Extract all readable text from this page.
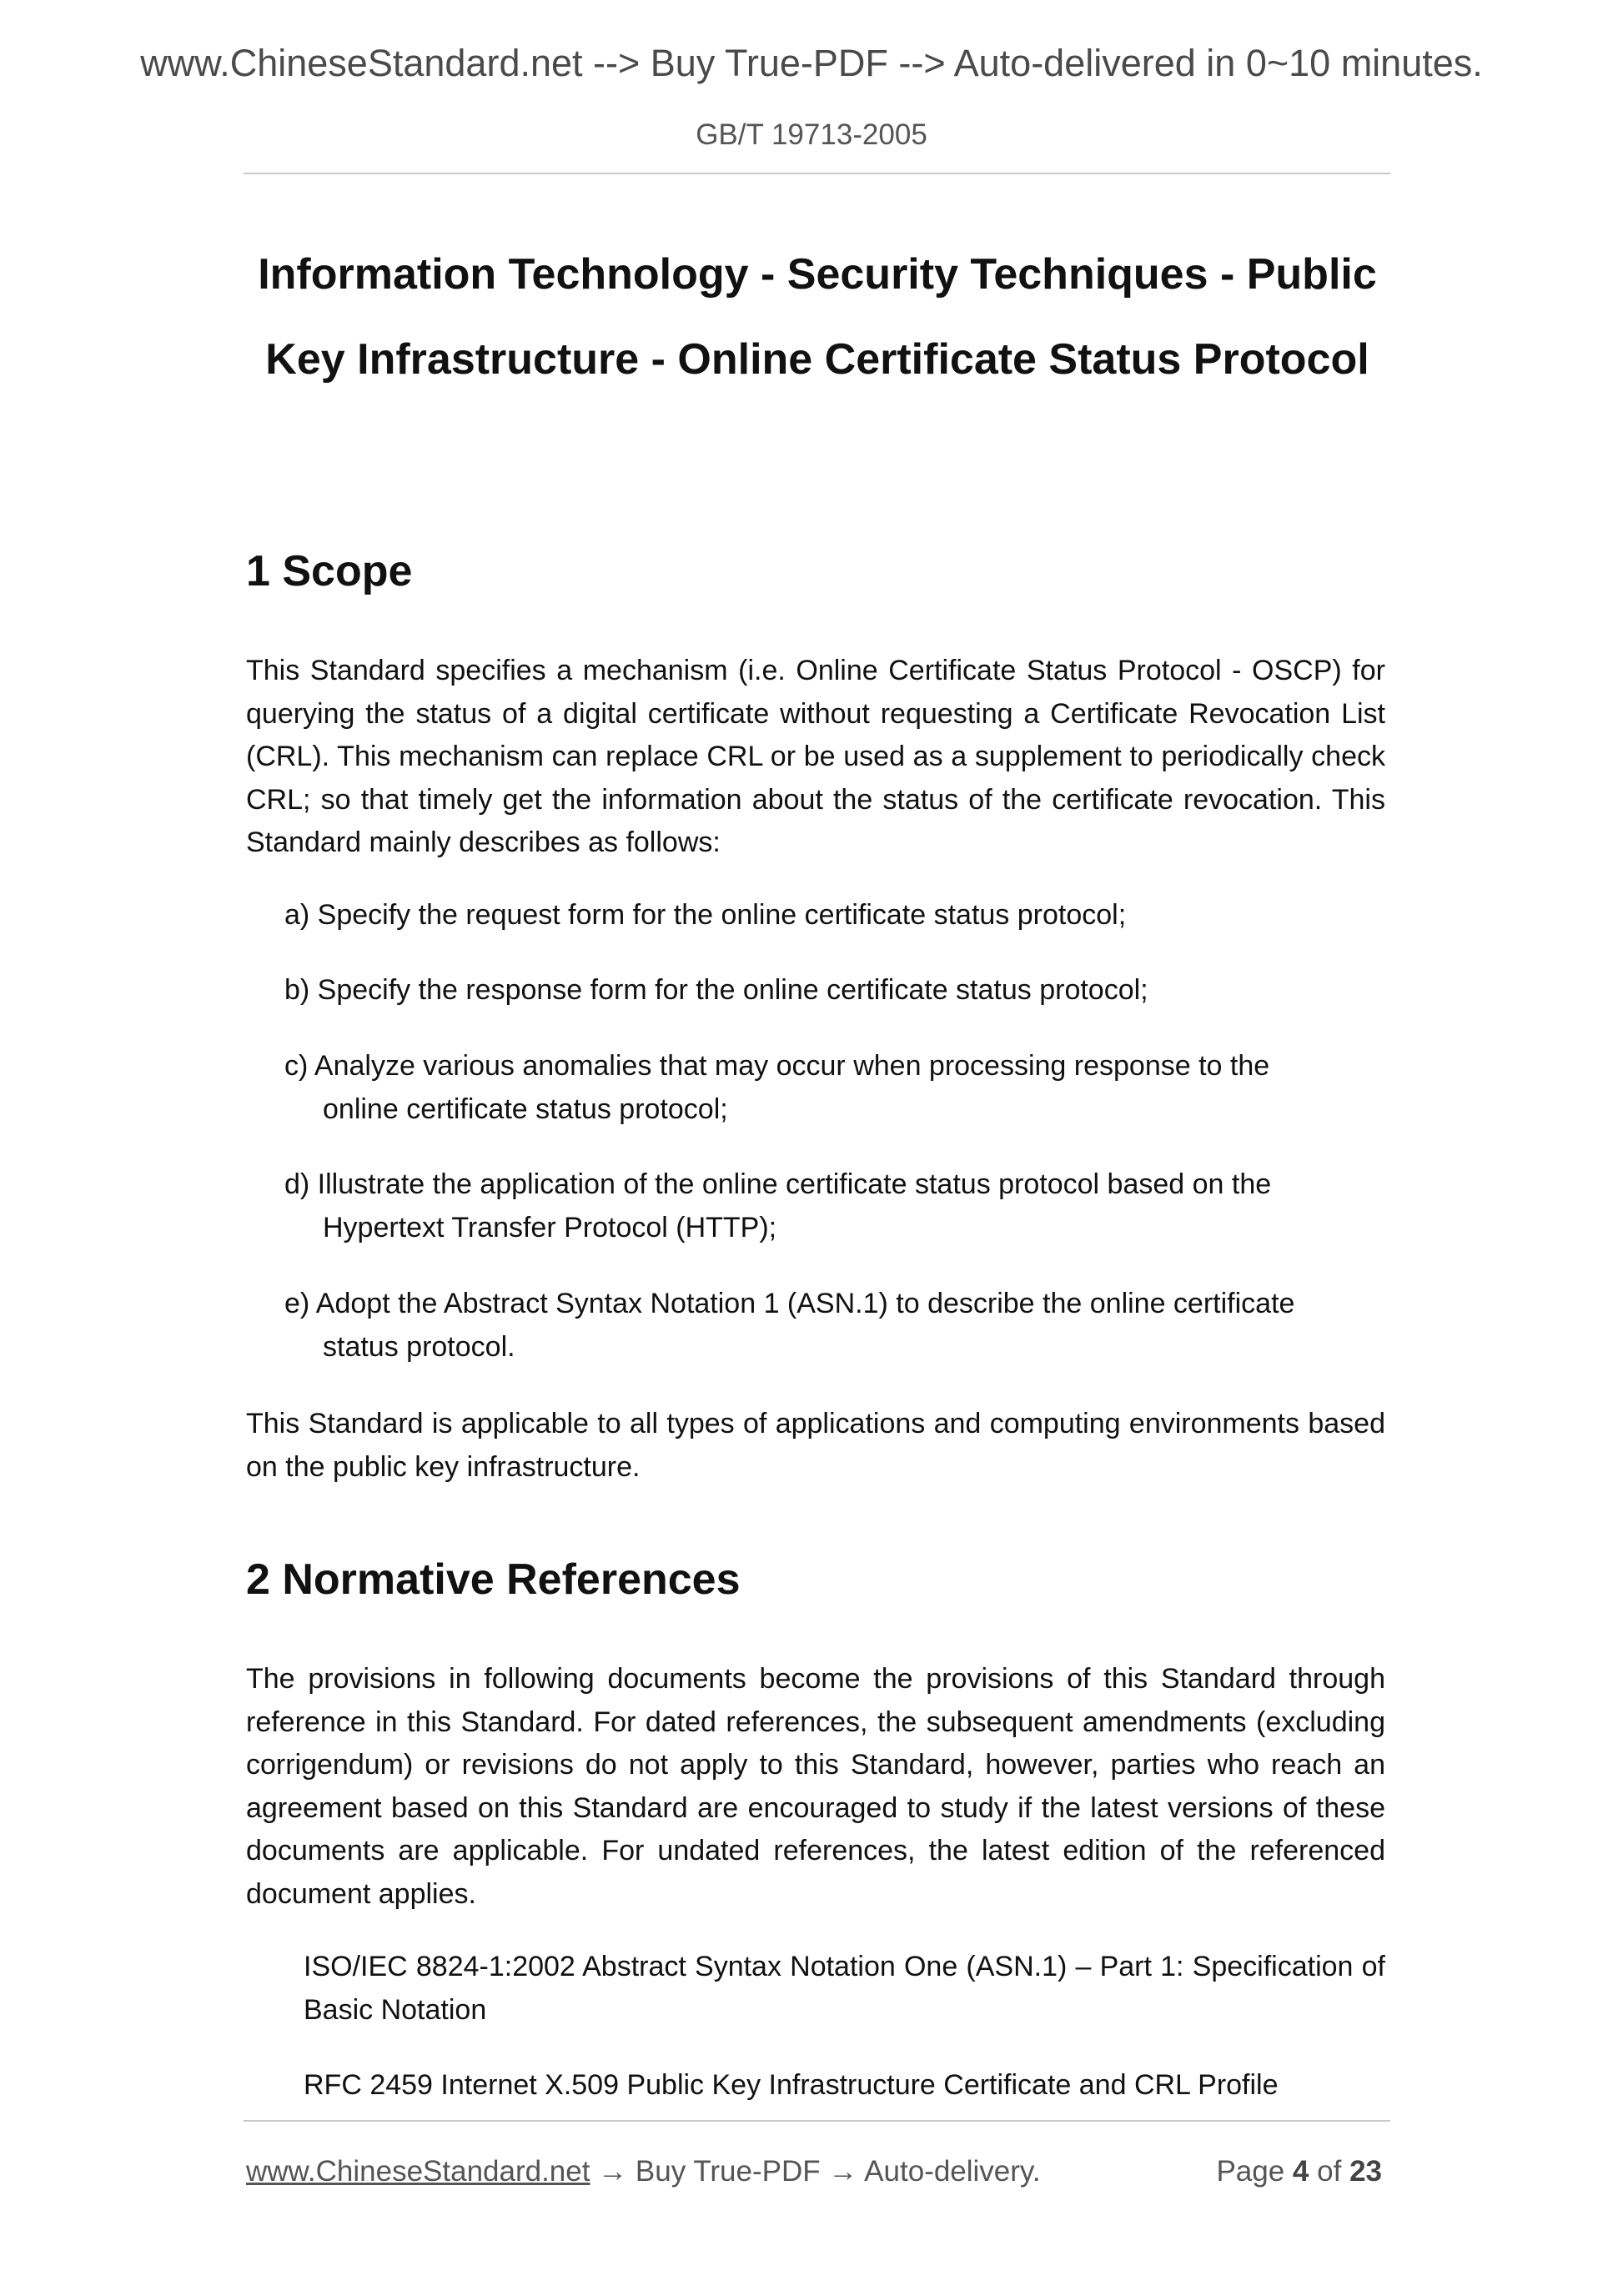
www.ChineseStandard.net --> Buy True-PDF --> Auto-delivered in 0~10 minutes.
GB/T 19713-2005
Information Technology - Security Techniques - Public
Key Infrastructure - Online Certificate Status Protocol
1 Scope

This Standard specifies a mechanism (i.e. Online Certificate Status Protocol - OSCP) for querying the status of a digital certificate without requesting a Certificate Revocation List (CRL). This mechanism can replace CRL or be used as a supplement to periodically check CRL; so that timely get the information about the status of the certificate revocation. This Standard mainly describes as follows:

a) Specify the request form for the online certificate status protocol;

b) Specify the response form for the online certificate status protocol;

c) Analyze various anomalies that may occur when processing response to the
online certificate status protocol;

d) Illustrate the application of the online certificate status protocol based on the
Hypertext Transfer Protocol (HTTP);

e) Adopt the Abstract Syntax Notation 1 (ASN.1) to describe the online certificate
status protocol.

This Standard is applicable to all types of applications and computing environments based on the public key infrastructure.

2 Normative References

The provisions in following documents become the provisions of this Standard through reference in this Standard. For dated references, the subsequent amendments (excluding corrigendum) or revisions do not apply to this Standard, however, parties who reach an agreement based on this Standard are encouraged to study if the latest versions of these documents are applicable. For undated references, the latest edition of the referenced document applies.

ISO/IEC 8824-1:2002 Abstract Syntax Notation One (ASN.1) – Part 1: Specification of Basic Notation

RFC 2459 Internet X.509 Public Key Infrastructure Certificate and CRL Profile

www.ChineseStandard.net → Buy True-PDF → Auto-delivery.	Page 4 of 23
